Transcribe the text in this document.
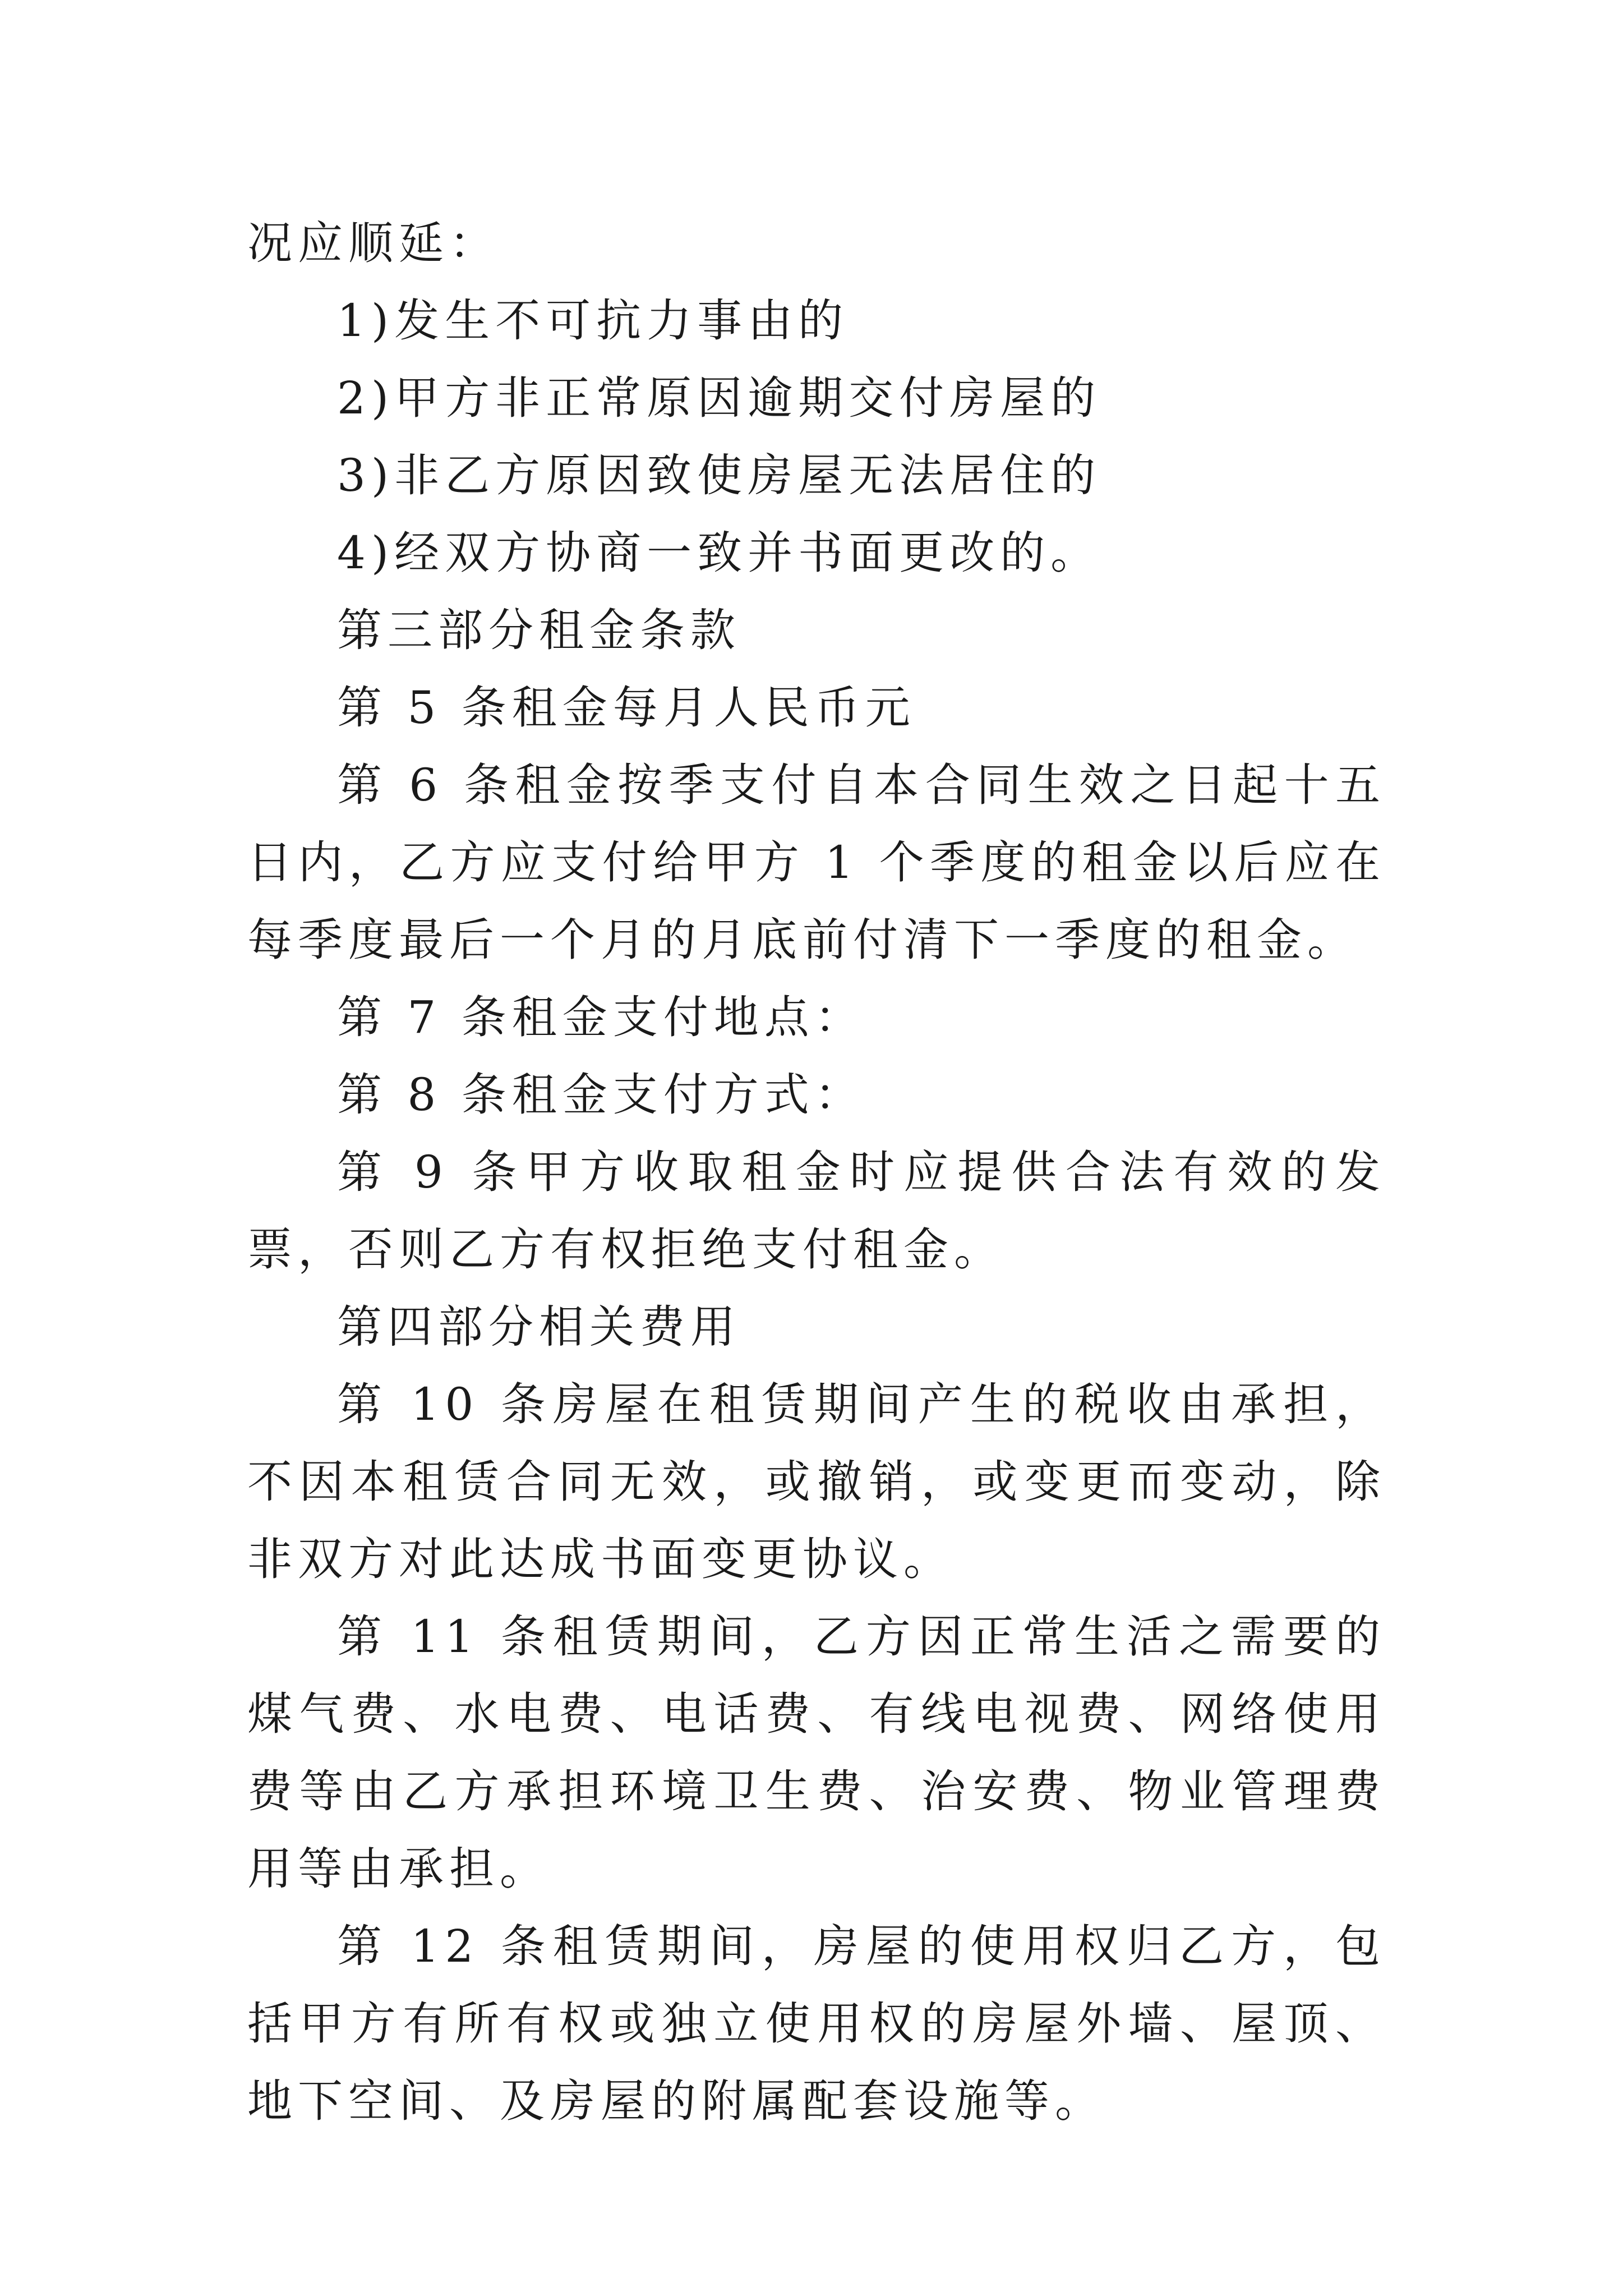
况应顺延：

1)发生不可抗力事由的

2)甲方非正常原因逾期交付房屋的

3)非乙方原因致使房屋无法居住的

4)经双方协商一致并书面更改的。

第三部分租金条款

第 5 条租金每月人民币元

第 6 条租金按季支付自本合同生效之日起十五日内，乙方应支付给甲方 1 个季度的租金以后应在每季度最后一个月的月底前付清下一季度的租金。

第 7 条租金支付地点：

第 8 条租金支付方式：

第 9 条甲方收取租金时应提供合法有效的发票，否则乙方有权拒绝支付租金。

第四部分相关费用

第 10 条房屋在租赁期间产生的税收由承担，不因本租赁合同无效，或撤销，或变更而变动，除非双方对此达成书面变更协议。

第 11 条租赁期间，乙方因正常生活之需要的煤气费、水电费、电话费、有线电视费、网络使用费等由乙方承担环境卫生费、治安费、物业管理费用等由承担。

第 12 条租赁期间，房屋的使用权归乙方，包括甲方有所有权或独立使用权的房屋外墙、屋顶、地下空间、及房屋的附属配套设施等。
